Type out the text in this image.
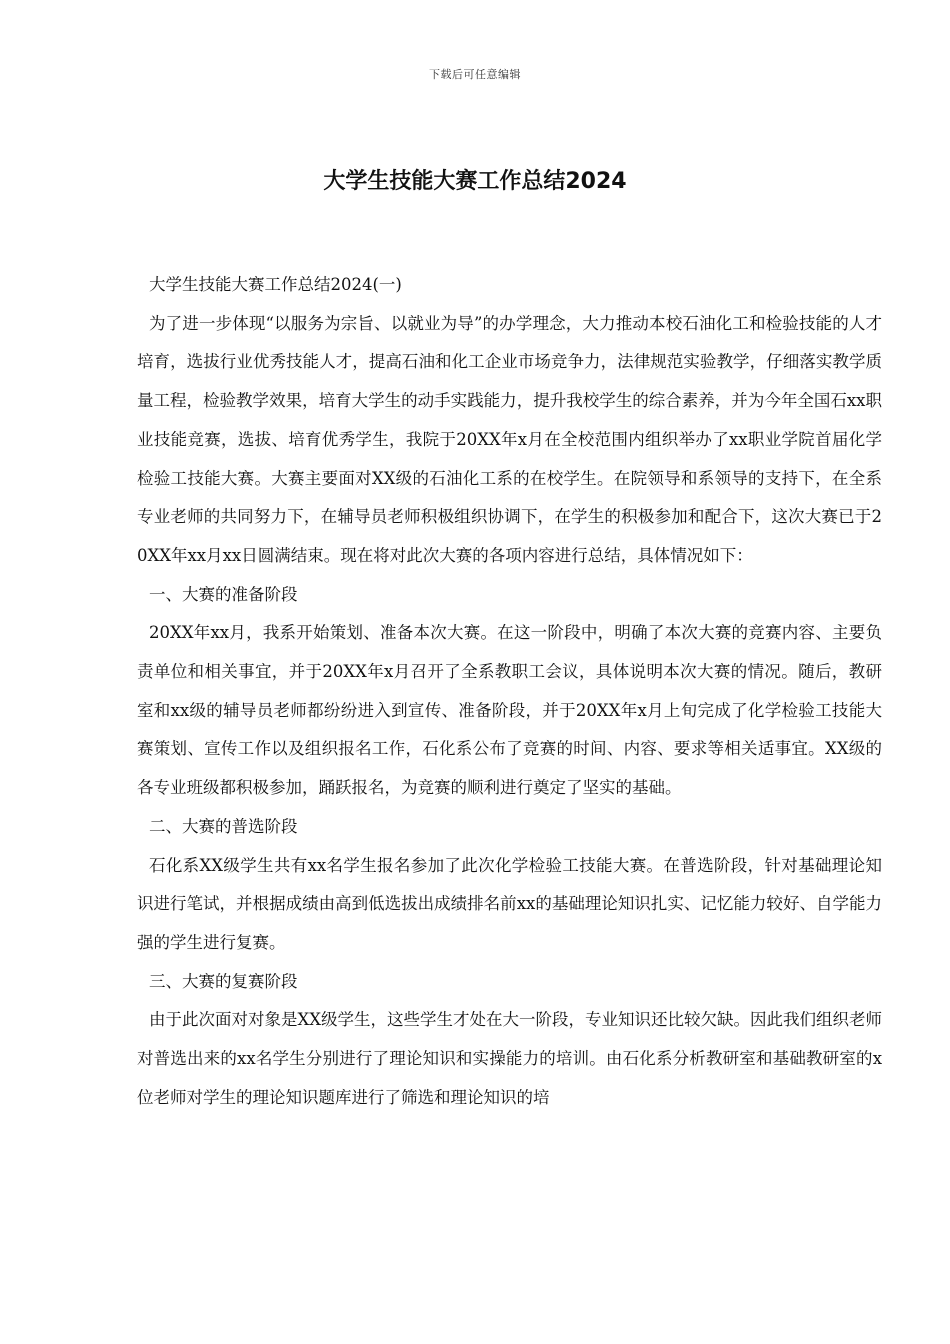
下载后可任意编辑
大学生技能大赛工作总结2024

大学生技能大赛工作总结2024(一)

为了进一步体现“以服务为宗旨、以就业为导”的办学理念，大力推动本校石油化工和检验技能的人才培育，选拔行业优秀技能人才，提高石油和化工企业市场竞争力，法律规范实验教学，仔细落实教学质量工程，检验教学效果，培育大学生的动手实践能力，提升我校学生的综合素养，并为今年全国石xx职业技能竞赛，选拔、培育优秀学生，我院于20XX年x月在全校范围内组织举办了xx职业学院首届化学检验工技能大赛。大赛主要面对XX级的石油化工系的在校学生。在院领导和系领导的支持下，在全系专业老师的共同努力下，在辅导员老师积极组织协调下，在学生的积极参加和配合下，这次大赛已于20XX年xx月xx日圆满结束。现在将对此次大赛的各项内容进行总结，具体情况如下：

一、大赛的准备阶段

20XX年xx月，我系开始策划、准备本次大赛。在这一阶段中，明确了本次大赛的竞赛内容、主要负责单位和相关事宜，并于20XX年x月召开了全系教职工会议，具体说明本次大赛的情况。随后，教研室和xx级的辅导员老师都纷纷进入到宣传、准备阶段，并于20XX年x月上旬完成了化学检验工技能大赛策划、宣传工作以及组织报名工作，石化系公布了竞赛的时间、内容、要求等相关适事宜。XX级的各专业班级都积极参加，踊跃报名，为竞赛的顺利进行奠定了坚实的基础。

二、大赛的普选阶段

石化系XX级学生共有xx名学生报名参加了此次化学检验工技能大赛。在普选阶段，针对基础理论知识进行笔试，并根据成绩由高到低选拔出成绩排名前xx的基础理论知识扎实、记忆能力较好、自学能力强的学生进行复赛。

三、大赛的复赛阶段

由于此次面对对象是XX级学生，这些学生才处在大一阶段，专业知识还比较欠缺。因此我们组织老师对普选出来的xx名学生分别进行了理论知识和实操能力的培训。由石化系分析教研室和基础教研室的x位老师对学生的理论知识题库进行了筛选和理论知识的培
